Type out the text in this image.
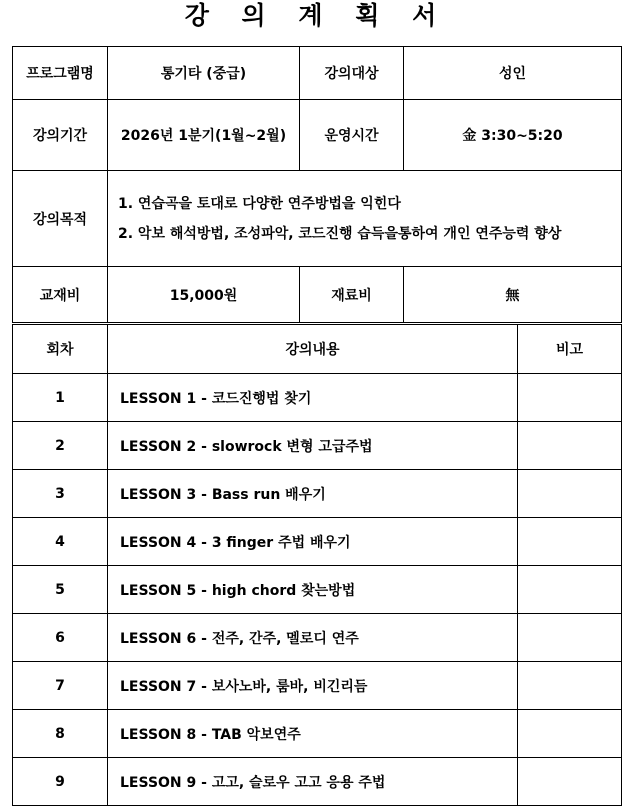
강 의 계 획 서
프로그램명	통기타 (중급)	강의대상	성인
강의기간	2026년 1분기(1월~2월)	운영시간	金 3:30~5:20
강의목적	1. 연습곡을 토대로 다양한 연주방법을 익힌다
2. 악보 해석방법, 조성파악, 코드진행 습득을통하여 개인 연주능력 향상		

교재비	15,000원	재료비	無
회차	강의내용	비고
1	LESSON 1 - 코드진행법 찾기	
2	LESSON 2 - slowrock 변형 고급주법	
3	LESSON 3 - Bass run 배우기	
4	LESSON 4 - 3 finger 주법 배우기	
5	LESSON 5 - high chord 찾는방법	
6	LESSON 6 - 전주, 간주, 멜로디 연주	
7	LESSON 7 - 보사노바, 룸바, 비긴리듬	
8	LESSON 8 - TAB 악보연주	
9	LESSON 9 - 고고, 슬로우 고고 응용 주법	
